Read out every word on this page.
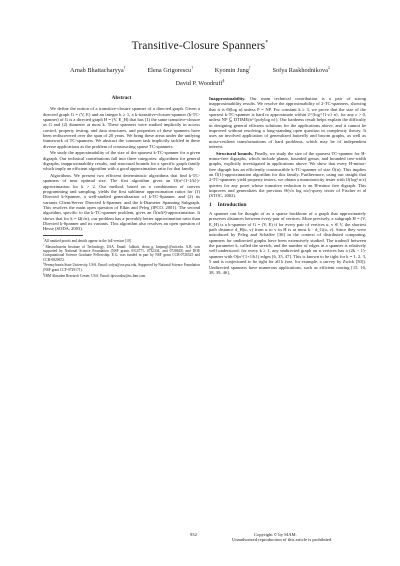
Transitive-Closure Spanners*
Arnab Bhattacharyya†	Elena Grigorescu†	Kyomin Jung†	Sofya Raskhodnikova‡
David P. Woodruff§
Abstract

We define the notion of a transitive-closure spanner of a directed graph. Given a directed graph G = (V, E) and an integer k ≥ 1, a k-transitive-closure-spanner (k-TC-spanner) of G is a directed graph H = (V, E_H) that has (1) the same transitive-closure as G and (2) diameter at most k. These spanners were studied implicitly in access control, property testing, and data structures, and properties of these spanners have been rediscovered over the span of 20 years. We bring these areas under the unifying framework of TC-spanners. We abstract the common task implicitly tackled in these diverse applications as the problem of constructing sparse TC-spanners.

We study the approximability of the size of the sparsest k-TC-spanner for a given digraph. Our technical contributions fall into three categories: algorithms for general digraphs, inapproximability results, and structural bounds for a specific graph family which imply an efficient algorithm with a good approximation ratio for that family.

Algorithms. We present two efficient deterministic algorithms that find k-TC-spanners of near optimal size. The first algorithm gives an O(n^{1-1/k})-approximation for k > 2. Our method, based on a combination of convex programming and sampling, yields the first sublinear approximation ratios for (1) Directed k-Spanner, a well-studied generalization of k-TC-Spanner, and (2) its variants Client/Server Directed k-Spanner, and the k-Diameter Spanning Subgraph. This resolves the main open question of Elkin and Peleg (IPCO, 2001). The second algorithm, specific to the k-TC-spanner problem, gives an Õ(n/k²)-approximation. It shows that for k = Ω(√n), our problem has a provably better approximation ratio than Directed k-Spanner and its variants. This algorithm also resolves an open question of Hesse (SODA, 2003).

*All omitted proofs and details appear in the full version [10].
†Massachusetts Institute of Technology, USA. Email: {abhatt, elena_g, kmjung}@mit.edu. A.B. was supported by National Science Foundation (NSF grants 0514771, 0732334, and 0728645) and DOE Computational Science Graduate Fellowship. E.G. was funded in part by NSF grant CCR-0726525 and CCR-0829672.
‡Pennsylvania State University, USA. Email: sofya@cse.psu.edu. Supported by National Science Foundation (NSF grant CCF-0729171).
§IBM Almaden Research Center, USA. Email: dpwoodru@us.ibm.com.

Inapproximability. Our main technical contribution is a pair of strong inapproximability results. We resolve the approximability of 2-TC-spanners, showing that it is Θ(log n) unless P = NP. For constant k ≥ 3, we prove that the size of the sparsest k-TC-spanner is hard to approximate within 2^{log^{1-ε} n}, for any ε > 0, unless NP ⊆ DTIME(n^{polylog n}). Our hardness result helps explain the difficulty in designing general efficient solutions for the applications above, and it cannot be improved without resolving a long-standing open question in complexity theory. It uses an involved application of generalized butterfly and broom graphs, as well as noise-resilient transformations of hard problems, which may be of independent interest.

Structural bounds. Finally, we study the size of the sparsest TC-spanner for H-minor-free digraphs, which include planar, bounded genus, and bounded tree-width graphs, explicitly investigated in applications above. We show that every H-minor-free digraph has an efficiently constructible k-TC-spanner of size Õ(n). This implies an Õ(1)-approximation algorithm for this family. Furthermore, using our insight that 2-TC-spanners yield property testers, we obtain a monotonicity tester with O(log² n/ε) queries for any poset whose transitive reduction is an H-minor free digraph. This improves and generalizes the previous Θ(√n log n/ε)-query tester of Fischer et al (STOC, 2002).

1 Introduction

A spanner can be thought of as a sparse backbone of a graph that approximately preserves distances between every pair of vertices. More precisely, a subgraph H = (V, E_H) is a k-spanner of G = (V, E) if for every pair of vertices u, v ∈ V, the shortest path distance d_H(u, v) from u to v in H is at most k · d_G(u, v). Since they were introduced by Peleg and Schäffer [36] in the context of distributed computing, spanners for undirected graphs have been extensively studied. The tradeoff between the parameter k, called the stretch, and the number of edges in a spanner is relatively well understood: for every k ≥ 1, any undirected graph on n vertices has a (2k − 1)-spanner with O(n^{1+1/k}) edges [6, 35, 47]. This is known to be tight for k = 1, 2, 3, 5 and is conjectured to be tight for all k (see, for example, a survey by Zwick [50]). Undirected spanners have numerous applications, such as efficient routing [15, 16, 38, 39, 46],

932	Copyright © by SIAM.
Unauthorized reproduction of this article is prohibited
